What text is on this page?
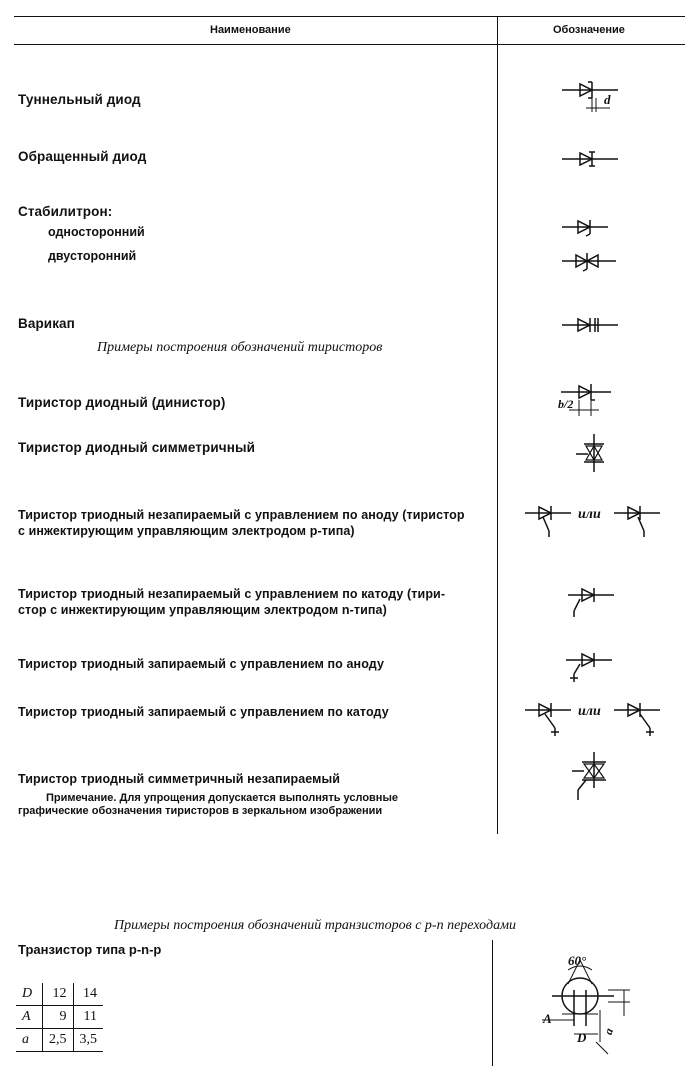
Наименование	Обозначение
Туннельный диод
Обращенный диод
Стабилитрон:
односторонний
двусторонний
Варикап
Примеры построения обозначений тиристоров
Тиристор диодный (динистор)
Тиристор диодный симметричный
Тиристор триодный незапираемый с управлением по аноду (тиристор
с инжектирующим управляющим электродом р-типа)
Тиристор триодный незапираемый с управлением по катоду (тири-
стор с инжектирующим управляющим электродом n-типа)
Тиристор триодный запираемый с управлением по аноду
Тиристор триодный запираемый с управлением по катоду
Тиристор триодный симметричный незапираемый
Примечание. Для упрощения допускается выполнять условные
графические обозначения тиристоров в зеркальном изображении
d
b/2
или
или
Примеры построения обозначений транзисторов с p-n переходами
Транзистор типа p-n-p
D	12	14
A	9	11
a	2,5	3,5
60°
A
D a
